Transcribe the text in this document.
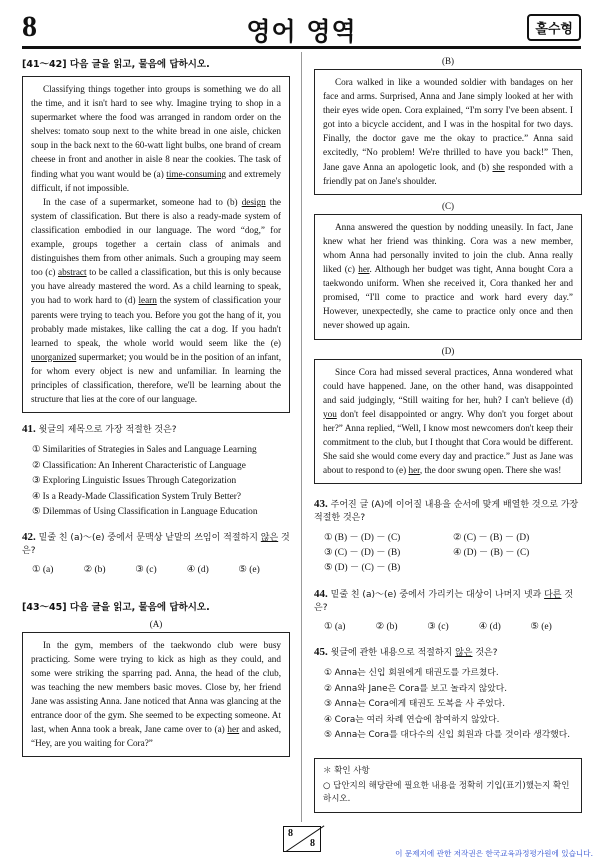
8	영어 영역	홀수형
[41～42] 다음 글을 읽고, 물음에 답하시오.

Classifying things together into groups is something we do all the time, and it isn't hard to see why. Imagine trying to shop in a supermarket where the food was arranged in random order on the shelves: tomato soup next to the white bread in one aisle, chicken soup in the back next to the 60-watt light bulbs, one brand of cream cheese in front and another in aisle 8 near the cookies. The task of finding what you want would be (a) time-consuming and extremely difficult, if not impossible.

In the case of a supermarket, someone had to (b) design the system of classification. But there is also a ready-made system of classification embodied in our language. The word “dog,” for example, groups together a certain class of animals and distinguishes them from other animals. Such a grouping may seem too (c) abstract to be called a classification, but this is only because you have already mastered the word. As a child learning to speak, you had to work hard to (d) learn the system of classification your parents were trying to teach you. Before you got the hang of it, you probably made mistakes, like calling the cat a dog. If you hadn't learned to speak, the whole world would seem like the (e) unorganized supermarket; you would be in the position of an infant, for whom every object is new and unfamiliar. In learning the principles of classification, therefore, we'll be learning about the structure that lies at the core of our language.

41. 윗글의 제목으로 가장 적절한 것은?
① Similarities of Strategies in Sales and Language Learning
② Classification: An Inherent Characteristic of Language
③ Exploring Linguistic Issues Through Categorization
④ Is a Ready-Made Classification System Truly Better?
⑤ Dilemmas of Using Classification in Language Education
42. 밑줄 친 (a)～(e) 중에서 문맥상 낱말의 쓰임이 적절하지 않은 것은?
① (a)	② (b)	③ (c)	④ (d)	⑤ (e)
[43～45] 다음 글을 읽고, 물음에 답하시오.
(A)

In the gym, members of the taekwondo club were busy practicing. Some were trying to kick as high as they could, and some were striking the sparring pad. Anna, the head of the club, was teaching the new members basic moves. Close by, her friend Jane was assisting Anna. Jane noticed that Anna was glancing at the entrance door of the gym. She seemed to be expecting someone. At last, when Anna took a break, Jane came over to (a) her and asked, “Hey, are you waiting for Cora?”

(B)

Cora walked in like a wounded soldier with bandages on her face and arms. Surprised, Anna and Jane simply looked at her with their eyes wide open. Cora explained, “I'm sorry I've been absent. I got into a bicycle accident, and I was in the hospital for two days. Finally, the doctor gave me the okay to practice.” Anna said excitedly, “No problem! We're thrilled to have you back!” Then, Jane gave Anna an apologetic look, and (b) she responded with a friendly pat on Jane's shoulder.

(C)

Anna answered the question by nodding uneasily. In fact, Jane knew what her friend was thinking. Cora was a new member, whom Anna had personally invited to join the club. Anna really liked (c) her. Although her budget was tight, Anna bought Cora a taekwondo uniform. When she received it, Cora thanked her and promised, “I'll come to practice and work hard every day.” However, unexpectedly, she came to practice only once and then never showed up again.

(D)

Since Cora had missed several practices, Anna wondered what could have happened. Jane, on the other hand, was disappointed and said judgingly, “Still waiting for her, huh? I can't believe (d) you don't feel disappointed or angry. Why don't you forget about her?” Anna replied, “Well, I know most newcomers don't keep their commitment to the club, but I thought that Cora would be different. She said she would come every day and practice.” Just as Jane was about to respond to (e) her, the door swung open. There she was!

43. 주어진 글 (A)에 이어질 내용을 순서에 맞게 배열한 것으로 가장 적절한 것은?
① (B) － (D) － (C)	② (C) － (B) － (D)
③ (C) － (D) － (B)	④ (D) － (B) － (C)
⑤ (D) － (C) － (B)
44. 밑줄 친 (a)～(e) 중에서 가리키는 대상이 나머지 넷과 다른 것은?
① (a)	② (b)	③ (c)	④ (d)	⑤ (e)
45. 윗글에 관한 내용으로 적절하지 않은 것은?
① Anna는 신입 회원에게 태권도를 가르쳤다.
② Anna와 Jane은 Cora를 보고 놀라지 않았다.
③ Anna는 Cora에게 태권도 도복을 사 주었다.
④ Cora는 여러 차례 연습에 참여하지 않았다.
⑤ Anna는 Cora를 대다수의 신입 회원과 다를 것이라 생각했다.
＊ 확인 사항
○ 답안지의 해당란에 필요한 내용을 정확히 기입(표기)했는지 확인하시오.
8
8
이 문제지에 관한 저작권은 한국교육과정평가원에 있습니다.
